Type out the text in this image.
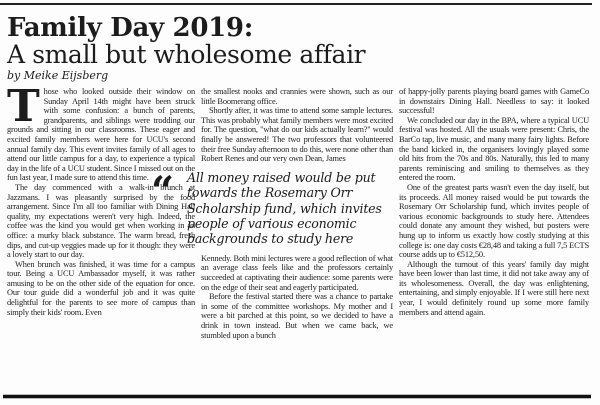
Family Day 2019:
A small but wholesome affair
by Meike Eijsberg
T hose who looked outside their window on Sunday April 14th might have been struck with some confusion: a bunch of parents, grandparents, and siblings were trodding our grounds and sitting in our classrooms. These eager and excited family members were here for UCU's second annual family day. This event invites family of all ages to attend our little campus for a day, to experience a typical day in the life of a UCU student. Since I missed out on the fun last year, I made sure to attend this time.

The day commenced with a walk-in brunch at Jazzmans. I was pleasantly surprised by the food arrangement. Since I'm all too familiar with Dining Hall quality, my expectations weren't very high. Indeed, the coffee was the kind you would get when working in an office: a murky black substance. The warm bread, fresh dips, and cut-up veggies made up for it though: they were a lovely start to our day.

When brunch was finished, it was time for a campus tour. Being a UCU Ambassador myself, it was rather amusing to be on the other side of the equation for once. Our tour guide did a wonderful job and it was quite delightful for the parents to see more of campus than simply their kids' room. Even

the smallest nooks and crannies were shown, such as our little Boomerang office.

Shortly after, it was time to attend some sample lectures. This was probably what family members were most excited for. The question, "what do our kids actually learn?" would finally be answered! The two professors that volunteered their free Sunday afternoon to do this, were none other than Robert Renes and our very own Dean, James

“ All money raised would be put towards the Rosemary Orr Scholarship fund, which invites people of various economic backgrounds to study here

Kennedy. Both mini lectures were a good reflection of what an average class feels like and the professors certainly succeeded at captivating their audience: some parents were on the edge of their seat and eagerly participated.

Before the festival started there was a chance to partake in some of the committee workshops. My mother and I were a bit parched at this point, so we decided to have a drink in town instead. But when we came back, we stumbled upon a bunch

of happy-jolly parents playing board games with GameCo in downstairs Dining Hall. Needless to say: it looked successful!

We concluded our day in the BPA, where a typical UCU festival was hosted. All the usuals were present: Chris, the BarCo tap, live music, and many many fairy lights. Before the band kicked in, the organisers lovingly played some old hits from the 70s and 80s. Naturally, this led to many parents reminiscing and smiling to themselves as they entered the room.

One of the greatest parts wasn't even the day itself, but its proceeds. All money raised would be put towards the Rosemary Orr Scholarship fund, which invites people of various economic backgrounds to study here. Attendees could donate any amount they wished, but posters were hung up to inform us exactly how costly studying at this college is: one day costs €28,48 and taking a full 7,5 ECTS course adds up to €512,50.

Although the turnout of this years' family day might have been lower than last time, it did not take away any of its wholesomeness. Overall, the day was enlightening, entertaining, and simply enjoyable. If I were still here next year, I would definitely round up some more family members and attend again.
